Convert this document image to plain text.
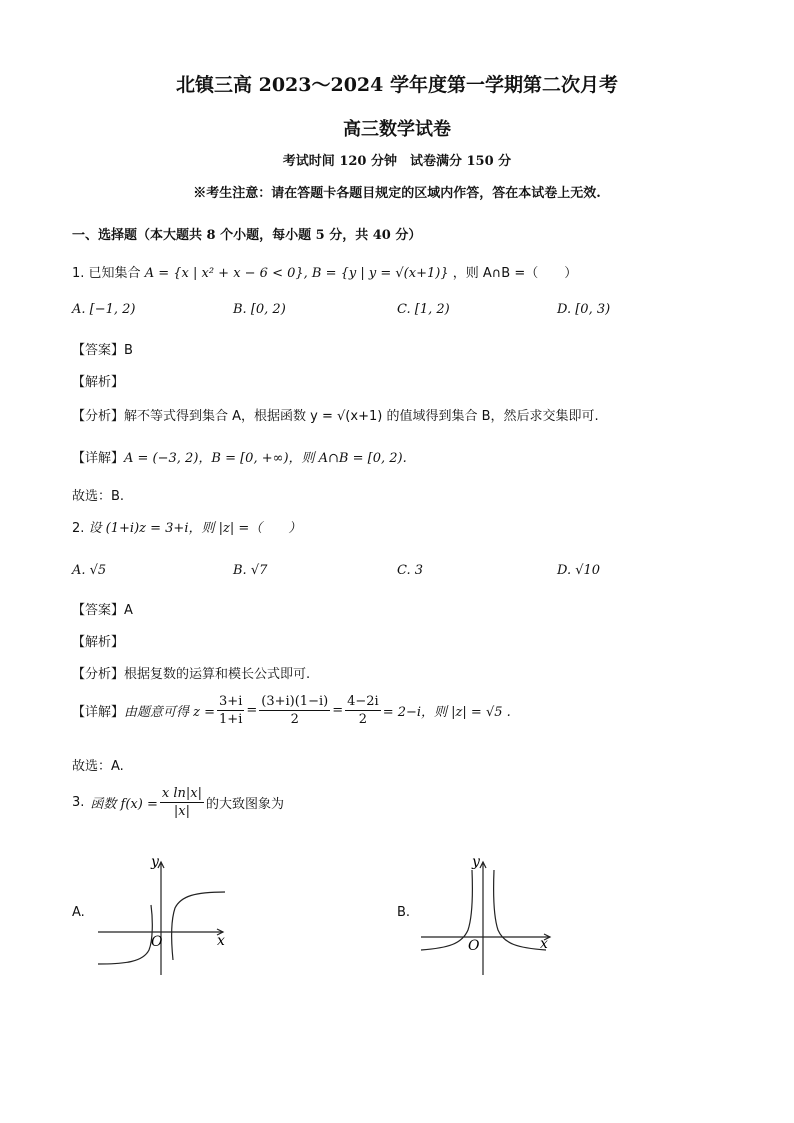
北镇三高 2023～2024 学年度第一学期第二次月考
高三数学试卷
考试时间 120 分钟　试卷满分 150 分
※考生注意：请在答题卡各题目规定的区域内作答，答在本试卷上无效.
一、选择题（本大题共 8 个小题，每小题 5 分，共 40 分）
1. 已知集合 A = {x | x² + x − 6 < 0}, B = {y | y = √(x+1)} ，则 A∩B =（　　）
A. [−1, 2)	B. [0, 2)	C. [1, 2)	D. [0, 3)
【答案】B
【解析】
【分析】解不等式得到集合 A，根据函数 y = √(x+1) 的值域得到集合 B，然后求交集即可.
【详解】A = (−3, 2)，B = [0, +∞)，则 A∩B = [0, 2).
故选：B.
2. 设 (1+i)z = 3+i，则 |z| =（　　）
A. √5	B. √7	C. 3	D. √10
【答案】A
【解析】
【分析】根据复数的运算和模长公式即可.
【详解】 由题意可得 $z = \frac{3+i}{1+i} = \frac{(3+i)(1-i)}{2} = \frac{4-2i}{2} = 2-i$，则 |z| = √5 .
故选：A.
3. 函数 $f(x) = \frac{\text{x ln|x|}}{|x|}$ 的大致图象为
A.
O	x
y
B.
O	x
y
